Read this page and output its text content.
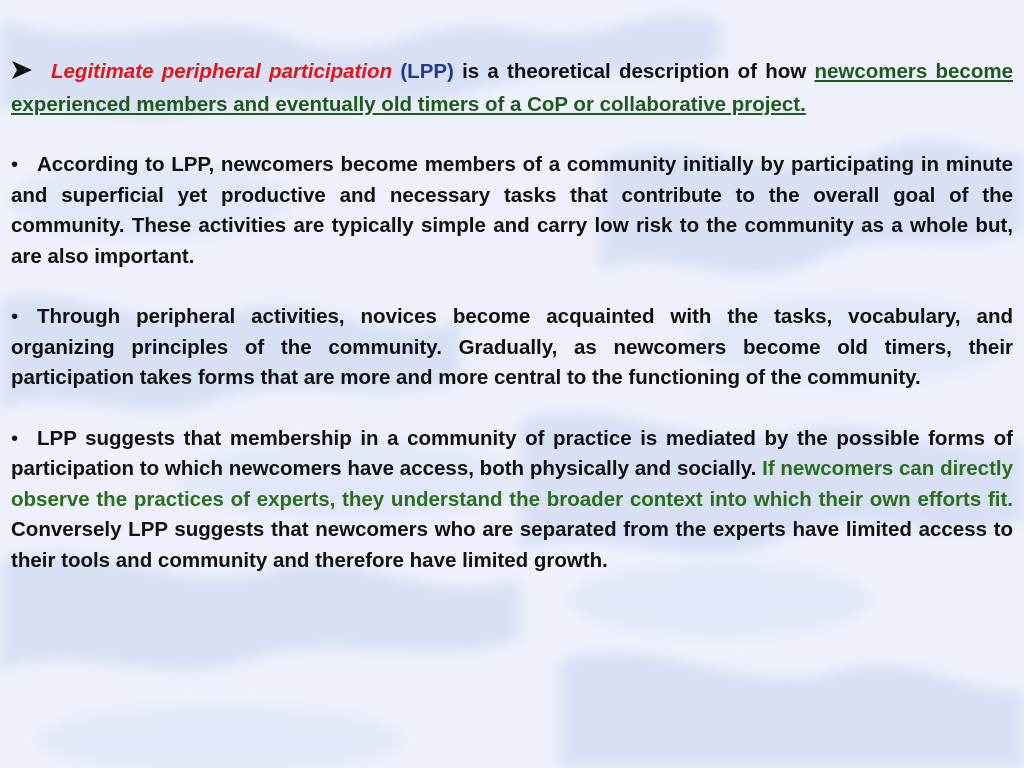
Legitimate peripheral participation (LPP) is a theoretical description of how newcomers become experienced members and eventually old timers of a CoP or collaborative project.

• According to LPP, newcomers become members of a community initially by participating in minute and superficial yet productive and necessary tasks that contribute to the overall goal of the community. These activities are typically simple and carry low risk to the community as a whole but, are also important.

• Through peripheral activities, novices become acquainted with the tasks, vocabulary, and organizing principles of the community. Gradually, as newcomers become old timers, their participation takes forms that are more and more central to the functioning of the community.

• LPP suggests that membership in a community of practice is mediated by the possible forms of participation to which newcomers have access, both physically and socially. If newcomers can directly observe the practices of experts, they understand the broader context into which their own efforts fit. Conversely LPP suggests that newcomers who are separated from the experts have limited access to their tools and community and therefore have limited growth.
